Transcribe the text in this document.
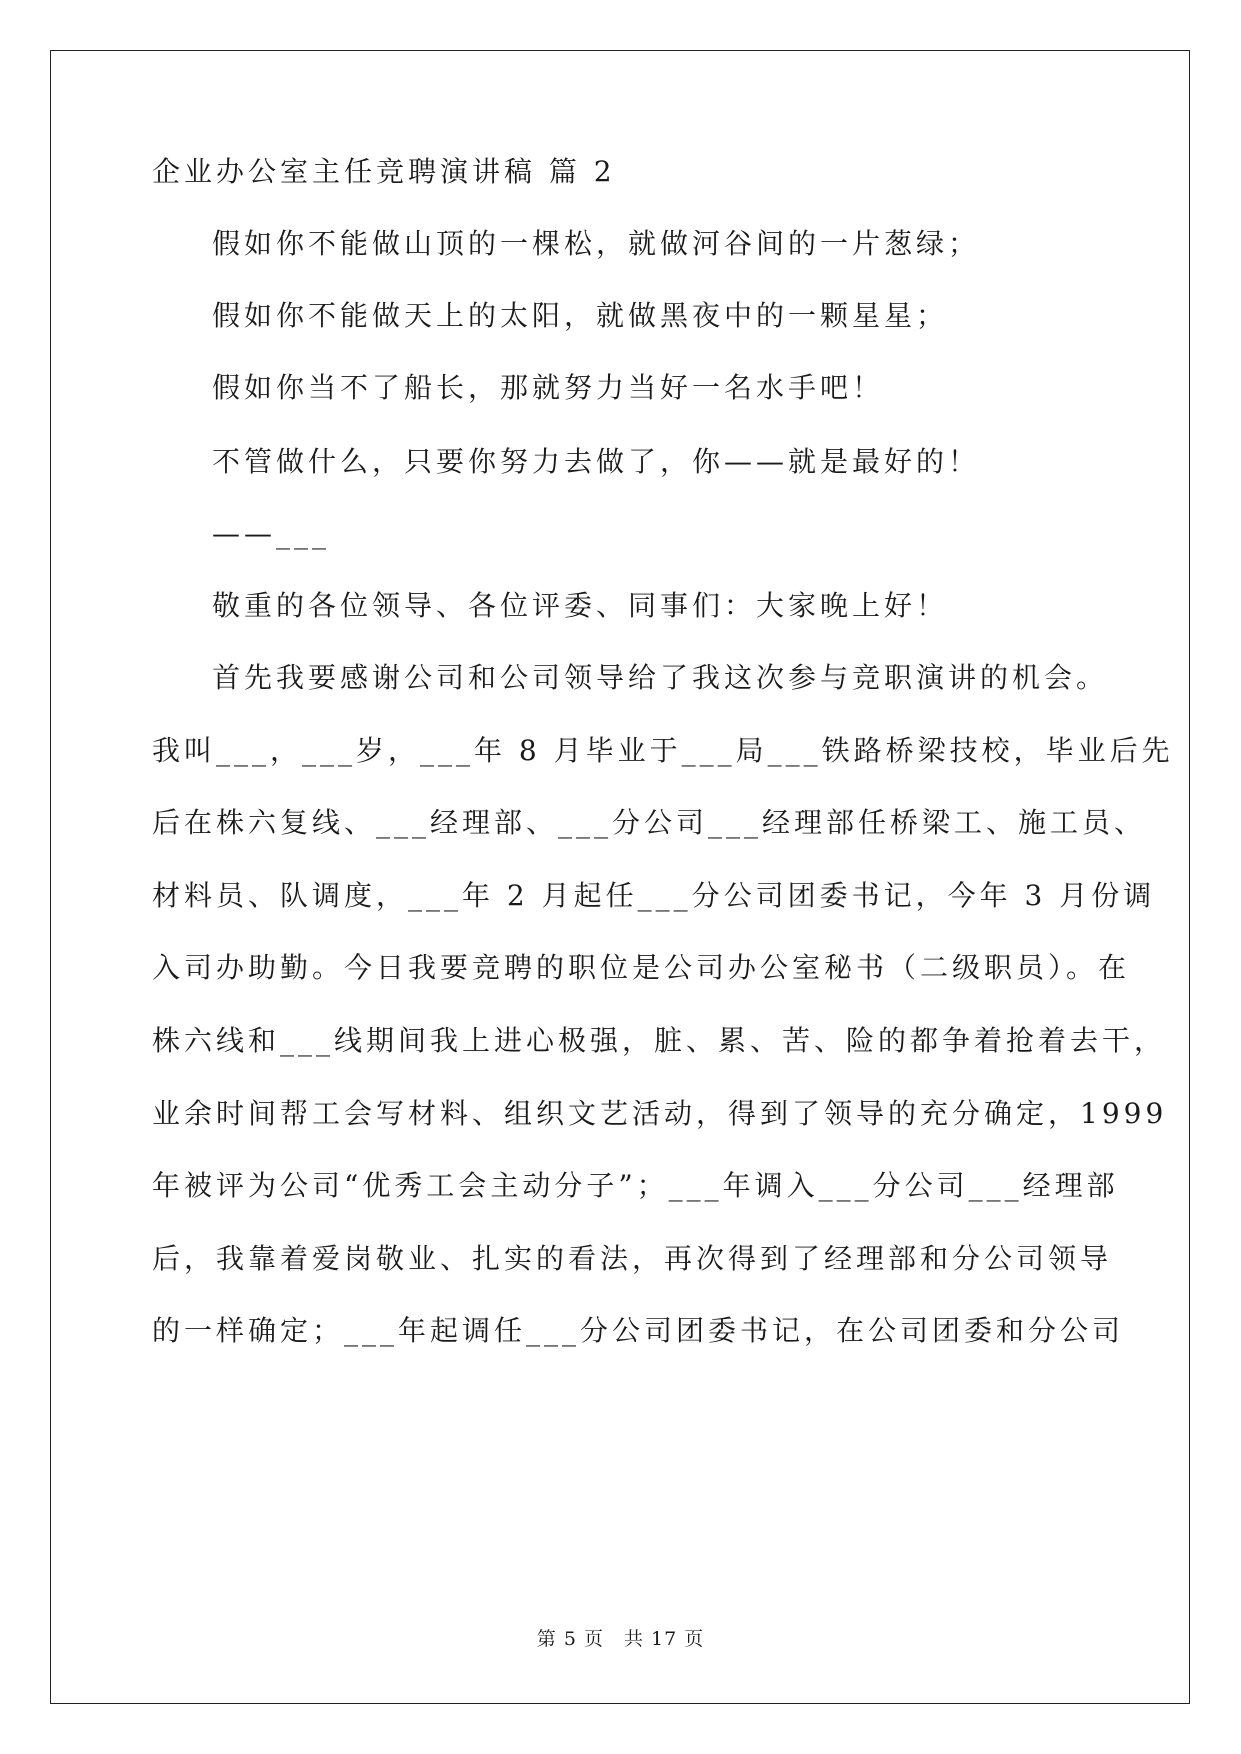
企业办公室主任竞聘演讲稿 篇 2

假如你不能做山顶的一棵松，就做河谷间的一片葱绿；

假如你不能做天上的太阳，就做黑夜中的一颗星星；

假如你当不了船长，那就努力当好一名水手吧！

不管做什么，只要你努力去做了，你——就是最好的！

——___

敬重的各位领导、各位评委、同事们：大家晚上好！

首先我要感谢公司和公司领导给了我这次参与竞职演讲的机会。

我叫___，___岁，___年 8 月毕业于___局___铁路桥梁技校，毕业后先

后在株六复线、___经理部、___分公司___经理部任桥梁工、施工员、

材料员、队调度，___年 2 月起任___分公司团委书记，今年 3 月份调

入司办助勤。今日我要竞聘的职位是公司办公室秘书（二级职员）。在

株六线和___线期间我上进心极强，脏、累、苦、险的都争着抢着去干，

业余时间帮工会写材料、组织文艺活动，得到了领导的充分确定，1999

年被评为公司“优秀工会主动分子”；___年调入___分公司___经理部

后，我靠着爱岗敬业、扎实的看法，再次得到了经理部和分公司领导

的一样确定；___年起调任___分公司团委书记，在公司团委和分公司

第 5 页　共 17 页
